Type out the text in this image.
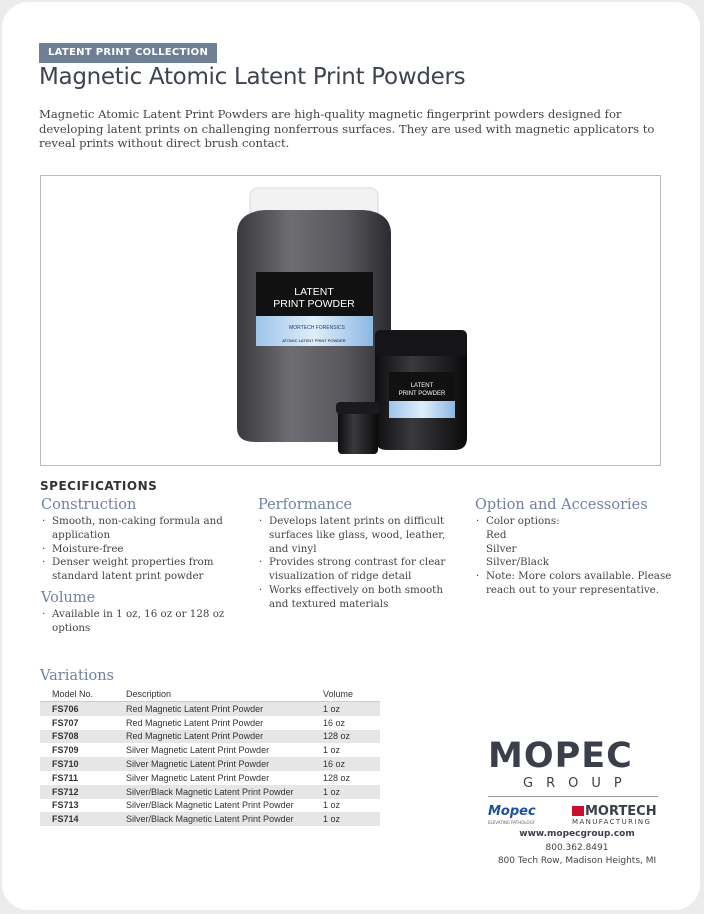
LATENT PRINT COLLECTION
Magnetic Atomic Latent Print Powders
Magnetic Atomic Latent Print Powders are high-quality magnetic fingerprint powders designed for developing latent prints on challenging nonferrous surfaces. They are used with magnetic applicators to reveal prints without direct brush contact.
LATENT
PRINT POWDER
MORTECH FORENSICS
ATOMIC LATENT PRINT POWDER
LATENT
PRINT POWDER
SPECIFICATIONS
Construction
· Smooth, non-caking formula and application
· Moisture-free
· Denser weight properties from standard latent print powder
Volume
· Available in 1 oz, 16 oz or 128 oz options
Performance
· Develops latent prints on difficult surfaces like glass, wood, leather, and vinyl
· Provides strong contrast for clear visualization of ridge detail
· Works effectively on both smooth and textured materials
Option and Accessories
· Color options:
Red
Silver
Silver/Black
· Note: More colors available. Please reach out to your representative.
Variations
Model No.	Description	Volume
FS706	Red Magnetic Latent Print Powder	1 oz
FS707	Red Magnetic Latent Print Powder	16 oz
FS708	Red Magnetic Latent Print Powder	128 oz
FS709	Silver Magnetic Latent Print Powder	1 oz
FS710	Silver Magnetic Latent Print Powder	16 oz
FS711	Silver Magnetic Latent Print Powder	128 oz
FS712	Silver/Black Magnetic Latent Print Powder	1 oz
FS713	Silver/Black Magnetic Latent Print Powder	1 oz
FS714	Silver/Black Magnetic Latent Print Powder	1 oz
MOPEC
GROUP
Mopec
ELEVATING PATHOLOGY
MORTECH
MANUFACTURING
www.mopecgroup.com
800.362.8491
800 Tech Row, Madison Heights, MI
